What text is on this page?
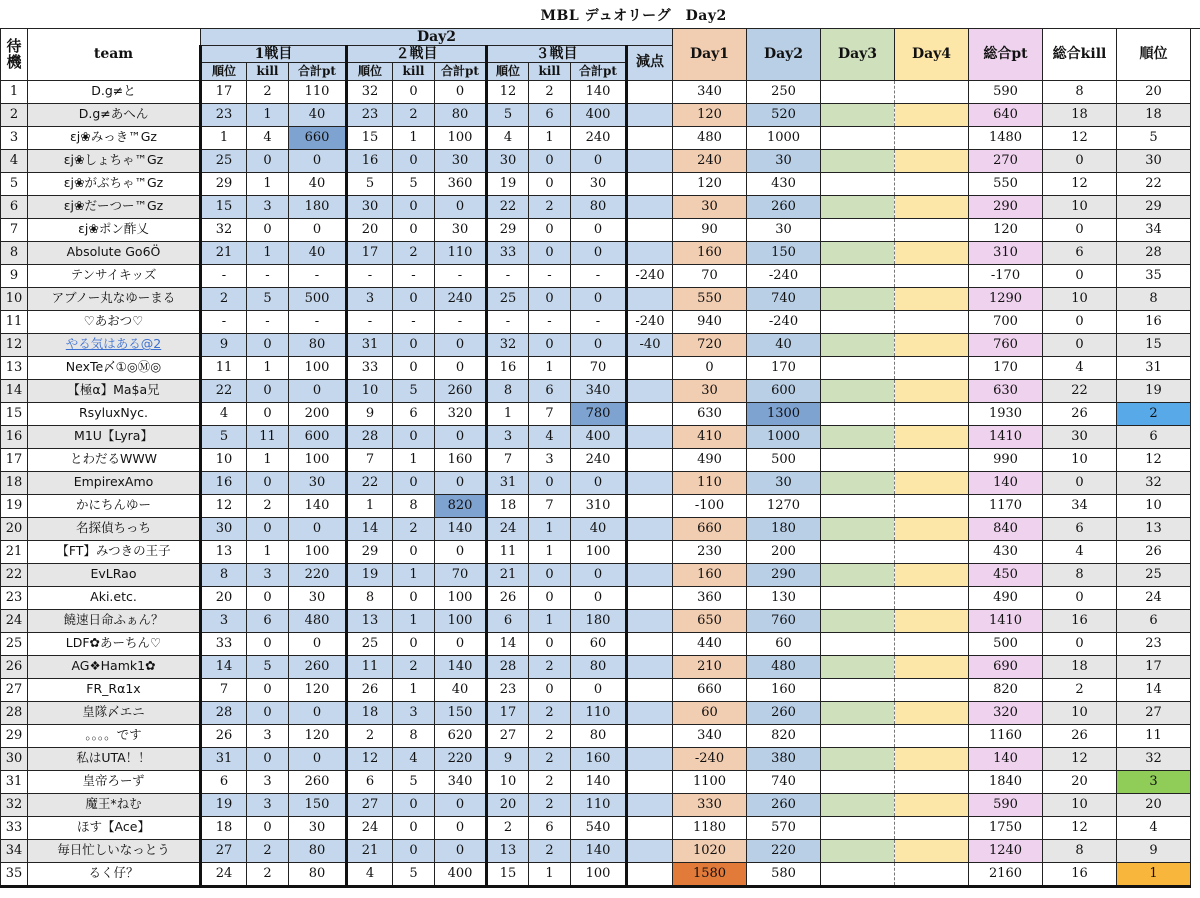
MBL デュオリーグ　Day2																		
待機	team	Day2										Day1	Day2	Day3	Day4	総合pt	総合kill	順位
		1戦目			２戦目			３戦目			減点							
		順位	kill	合計pt	順位	kill	合計pt	順位	kill	合計pt								
1	D.g≠と	17	2	110	32	0	0	12	2	140		340	250			590	8	20
2	D.g≠あへん	23	1	40	23	2	80	5	6	400		120	520			640	18	18
3	εj❀みっき™Gz	1	4	660	15	1	100	4	1	240		480	1000			1480	12	5
4	εj❀しょちゃ™Gz	25	0	0	16	0	30	30	0	0		240	30			270	0	30
5	εj❀がぶちゃ™Gz	29	1	40	5	5	360	19	0	30		120	430			550	12	22
6	εj❀だーつー™Gz	15	3	180	30	0	0	22	2	80		30	260			290	10	29
7	εj❀ポン酢乂	32	0	0	20	0	30	29	0	0		90	30			120	0	34
8	Absolute Go6Ö	21	1	40	17	2	110	33	0	0		160	150			310	6	28
9	テンサイキッズ	-	-	-	-	-	-	-	-	-	-240	70	-240			-170	0	35
10	アブノー丸なゆーまる	2	5	500	3	0	240	25	0	0		550	740			1290	10	8
11	♡あおつ♡	-	-	-	-	-	-	-	-	-	-240	940	-240			700	0	16
12	やる気はある@2	9	0	80	31	0	0	32	0	0	-40	720	40			760	0	15
13	NexTe〆①◎Ⓜ◎	11	1	100	33	0	0	16	1	70		0	170			170	4	31
14	【極α】Ma$a兄	22	0	0	10	5	260	8	6	340		30	600			630	22	19
15	RsyluxNyc.	4	0	200	9	6	320	1	7	780		630	1300			1930	26	2
16	M1U【Lyra】	5	11	600	28	0	0	3	4	400		410	1000			1410	30	6
17	とわだるWWW	10	1	100	7	1	160	7	3	240		490	500			990	10	12
18	EmpirexAmo	16	0	30	22	0	0	31	0	0		110	30			140	0	32
19	かにちんゆー	12	2	140	1	8	820	18	7	310		-100	1270			1170	34	10
20	名探偵ちっち	30	0	0	14	2	140	24	1	40		660	180			840	6	13
21	【FT】みつきの王子	13	1	100	29	0	0	11	1	100		230	200			430	4	26
22	EvLRao	8	3	220	19	1	70	21	0	0		160	290			450	8	25
23	Aki.etc.	20	0	30	8	0	100	26	0	0		360	130			490	0	24
24	饒速日命ふぁん？	3	6	480	13	1	100	6	1	180		650	760			1410	16	6
25	LDF✿あーちん♡	33	0	0	25	0	0	14	0	60		440	60			500	0	23
26	AG❖Hamk1✿	14	5	260	11	2	140	28	2	80		210	480			690	18	17
27	FR_Rα1x	7	0	120	26	1	40	23	0	0		660	160			820	2	14
28	皇隊〆エニ	28	0	0	18	3	150	17	2	110		60	260			320	10	27
29	。。。。です	26	3	120	2	8	620	27	2	80		340	820			1160	26	11
30	私はUTA！！	31	0	0	12	4	220	9	2	160		-240	380			140	12	32
31	皇帝ろーず	6	3	260	6	5	340	10	2	140		1100	740			1840	20	3
32	魔王*ねむ	19	3	150	27	0	0	20	2	110		330	260			590	10	20
33	ほす【Ace】	18	0	30	24	0	0	2	6	540		1180	570			1750	12	4
34	毎日忙しいなっとう	27	2	80	21	0	0	13	2	140		1020	220			1240	8	9
35	るく仔？	24	2	80	4	5	400	15	1	100		1580	580			2160	16	1
